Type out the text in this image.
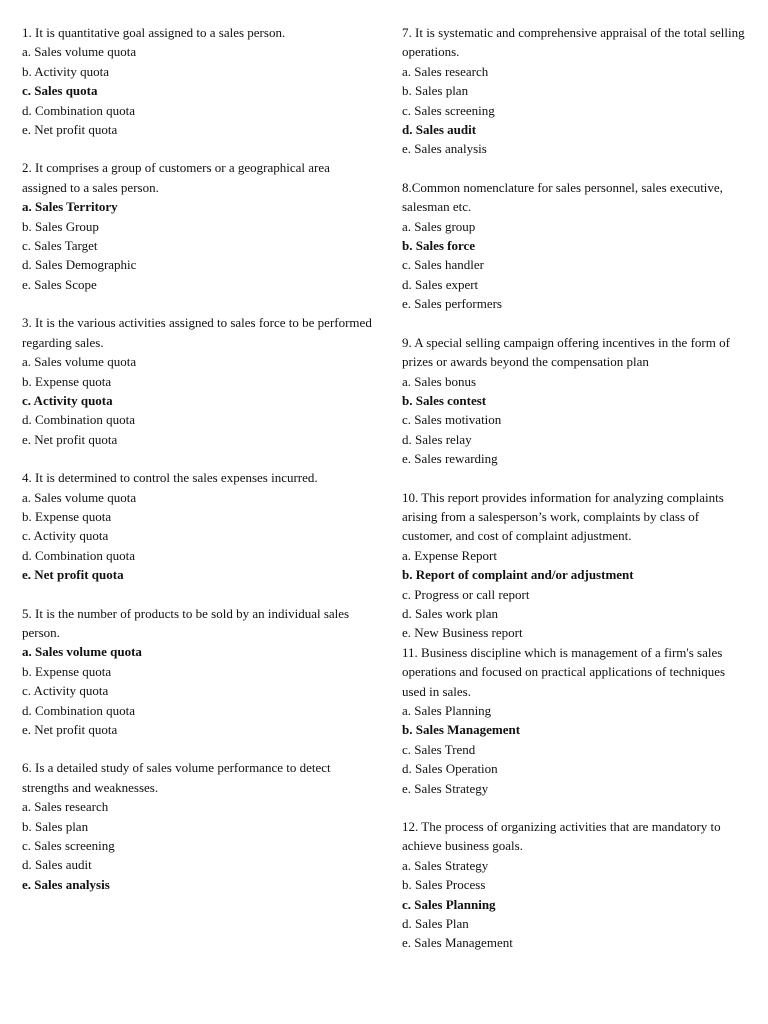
1. It is quantitative goal assigned to a sales person.
a. Sales volume quota
b. Activity quota
c. Sales quota
d. Combination quota
e. Net profit quota
2. It comprises a group of customers or a geographical area assigned to a sales person.
a. Sales Territory
b. Sales Group
c. Sales Target
d. Sales Demographic
e. Sales Scope
3. It is the various activities assigned to sales force to be performed regarding sales.
a. Sales volume quota
b. Expense quota
c. Activity quota
d. Combination quota
e. Net profit quota
4. It is determined to control the sales expenses incurred.
a. Sales volume quota
b. Expense quota
c. Activity quota
d. Combination quota
e. Net profit quota
5. It is the number of products to be sold by an individual sales person.
a. Sales volume quota
b. Expense quota
c. Activity quota
d. Combination quota
e. Net profit quota
6. Is a detailed study of sales volume performance to detect strengths and weaknesses.
a. Sales research
b. Sales plan
c. Sales screening
d. Sales audit
e. Sales analysis
7. It is systematic and comprehensive appraisal of the total selling operations.
a. Sales research
b. Sales plan
c. Sales screening
d. Sales audit
e. Sales analysis
8.Common nomenclature for sales personnel, sales executive, salesman etc.
a. Sales group
b. Sales force
c. Sales handler
d. Sales expert
e. Sales performers
9. A special selling campaign offering incentives in the form of prizes or awards beyond the compensation plan
a. Sales bonus
b. Sales contest
c. Sales motivation
d. Sales relay
e. Sales rewarding
10. This report provides information for analyzing complaints arising from a salesperson’s work, complaints by class of customer, and cost of complaint adjustment.
a. Expense Report
b. Report of complaint and/or adjustment
c. Progress or call report
d. Sales work plan
e. New Business report
11. Business discipline which is management of a firm's sales operations and focused on practical applications of techniques used in sales.
a. Sales Planning
b. Sales Management
c. Sales Trend
d. Sales Operation
e. Sales Strategy
12. The process of organizing activities that are mandatory to achieve business goals.
a. Sales Strategy
b. Sales Process
c. Sales Planning
d. Sales Plan
e. Sales Management
